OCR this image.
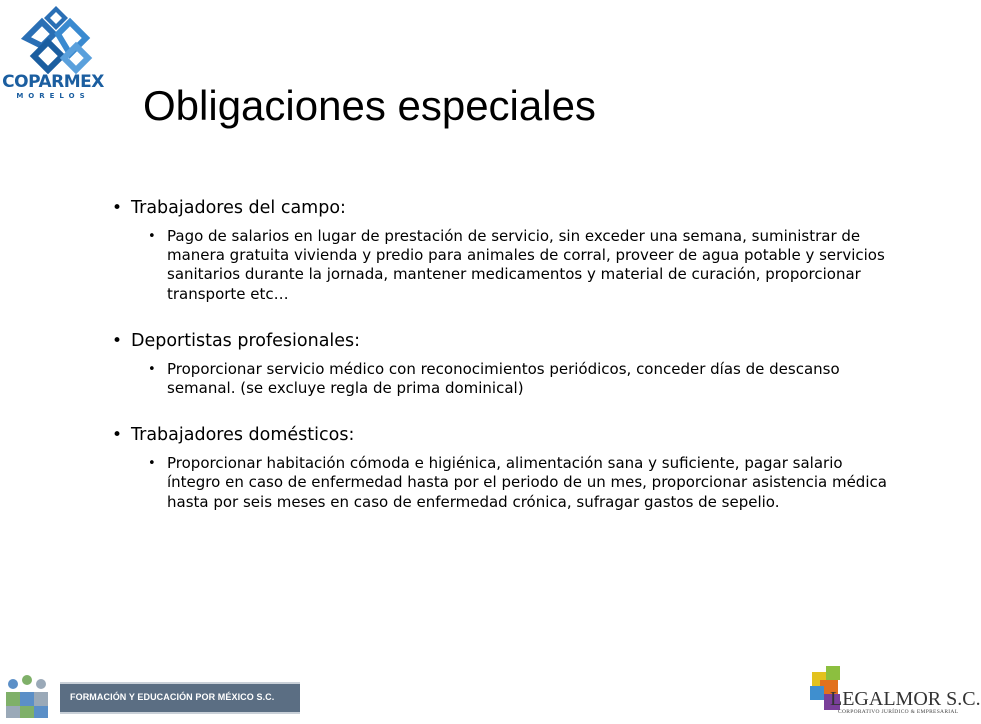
COPARMEX
MORELOS	Obligaciones especiales
• Trabajadores del campo:
• Pago de salarios en lugar de prestación de servicio, sin exceder una semana, suministrar de manera gratuita vivienda y predio para animales de corral, proveer de agua potable y servicios sanitarios durante la jornada, mantener medicamentos y material de curación, proporcionar transporte etc…
• Deportistas profesionales:
• Proporcionar servicio médico con reconocimientos periódicos, conceder días de descanso semanal. (se excluye regla de prima dominical)
• Trabajadores domésticos:
• Proporcionar habitación cómoda e higiénica, alimentación sana y suficiente, pagar salario íntegro en caso de enfermedad hasta por el periodo de un mes, proporcionar asistencia médica hasta por seis meses en caso de enfermedad crónica, sufragar gastos de sepelio.
FORMACIÓN Y EDUCACIÓN POR MÉXICO S.C.	LEGALMOR S.C.
CORPORATIVO JURÍDICO & EMPRESARIAL
